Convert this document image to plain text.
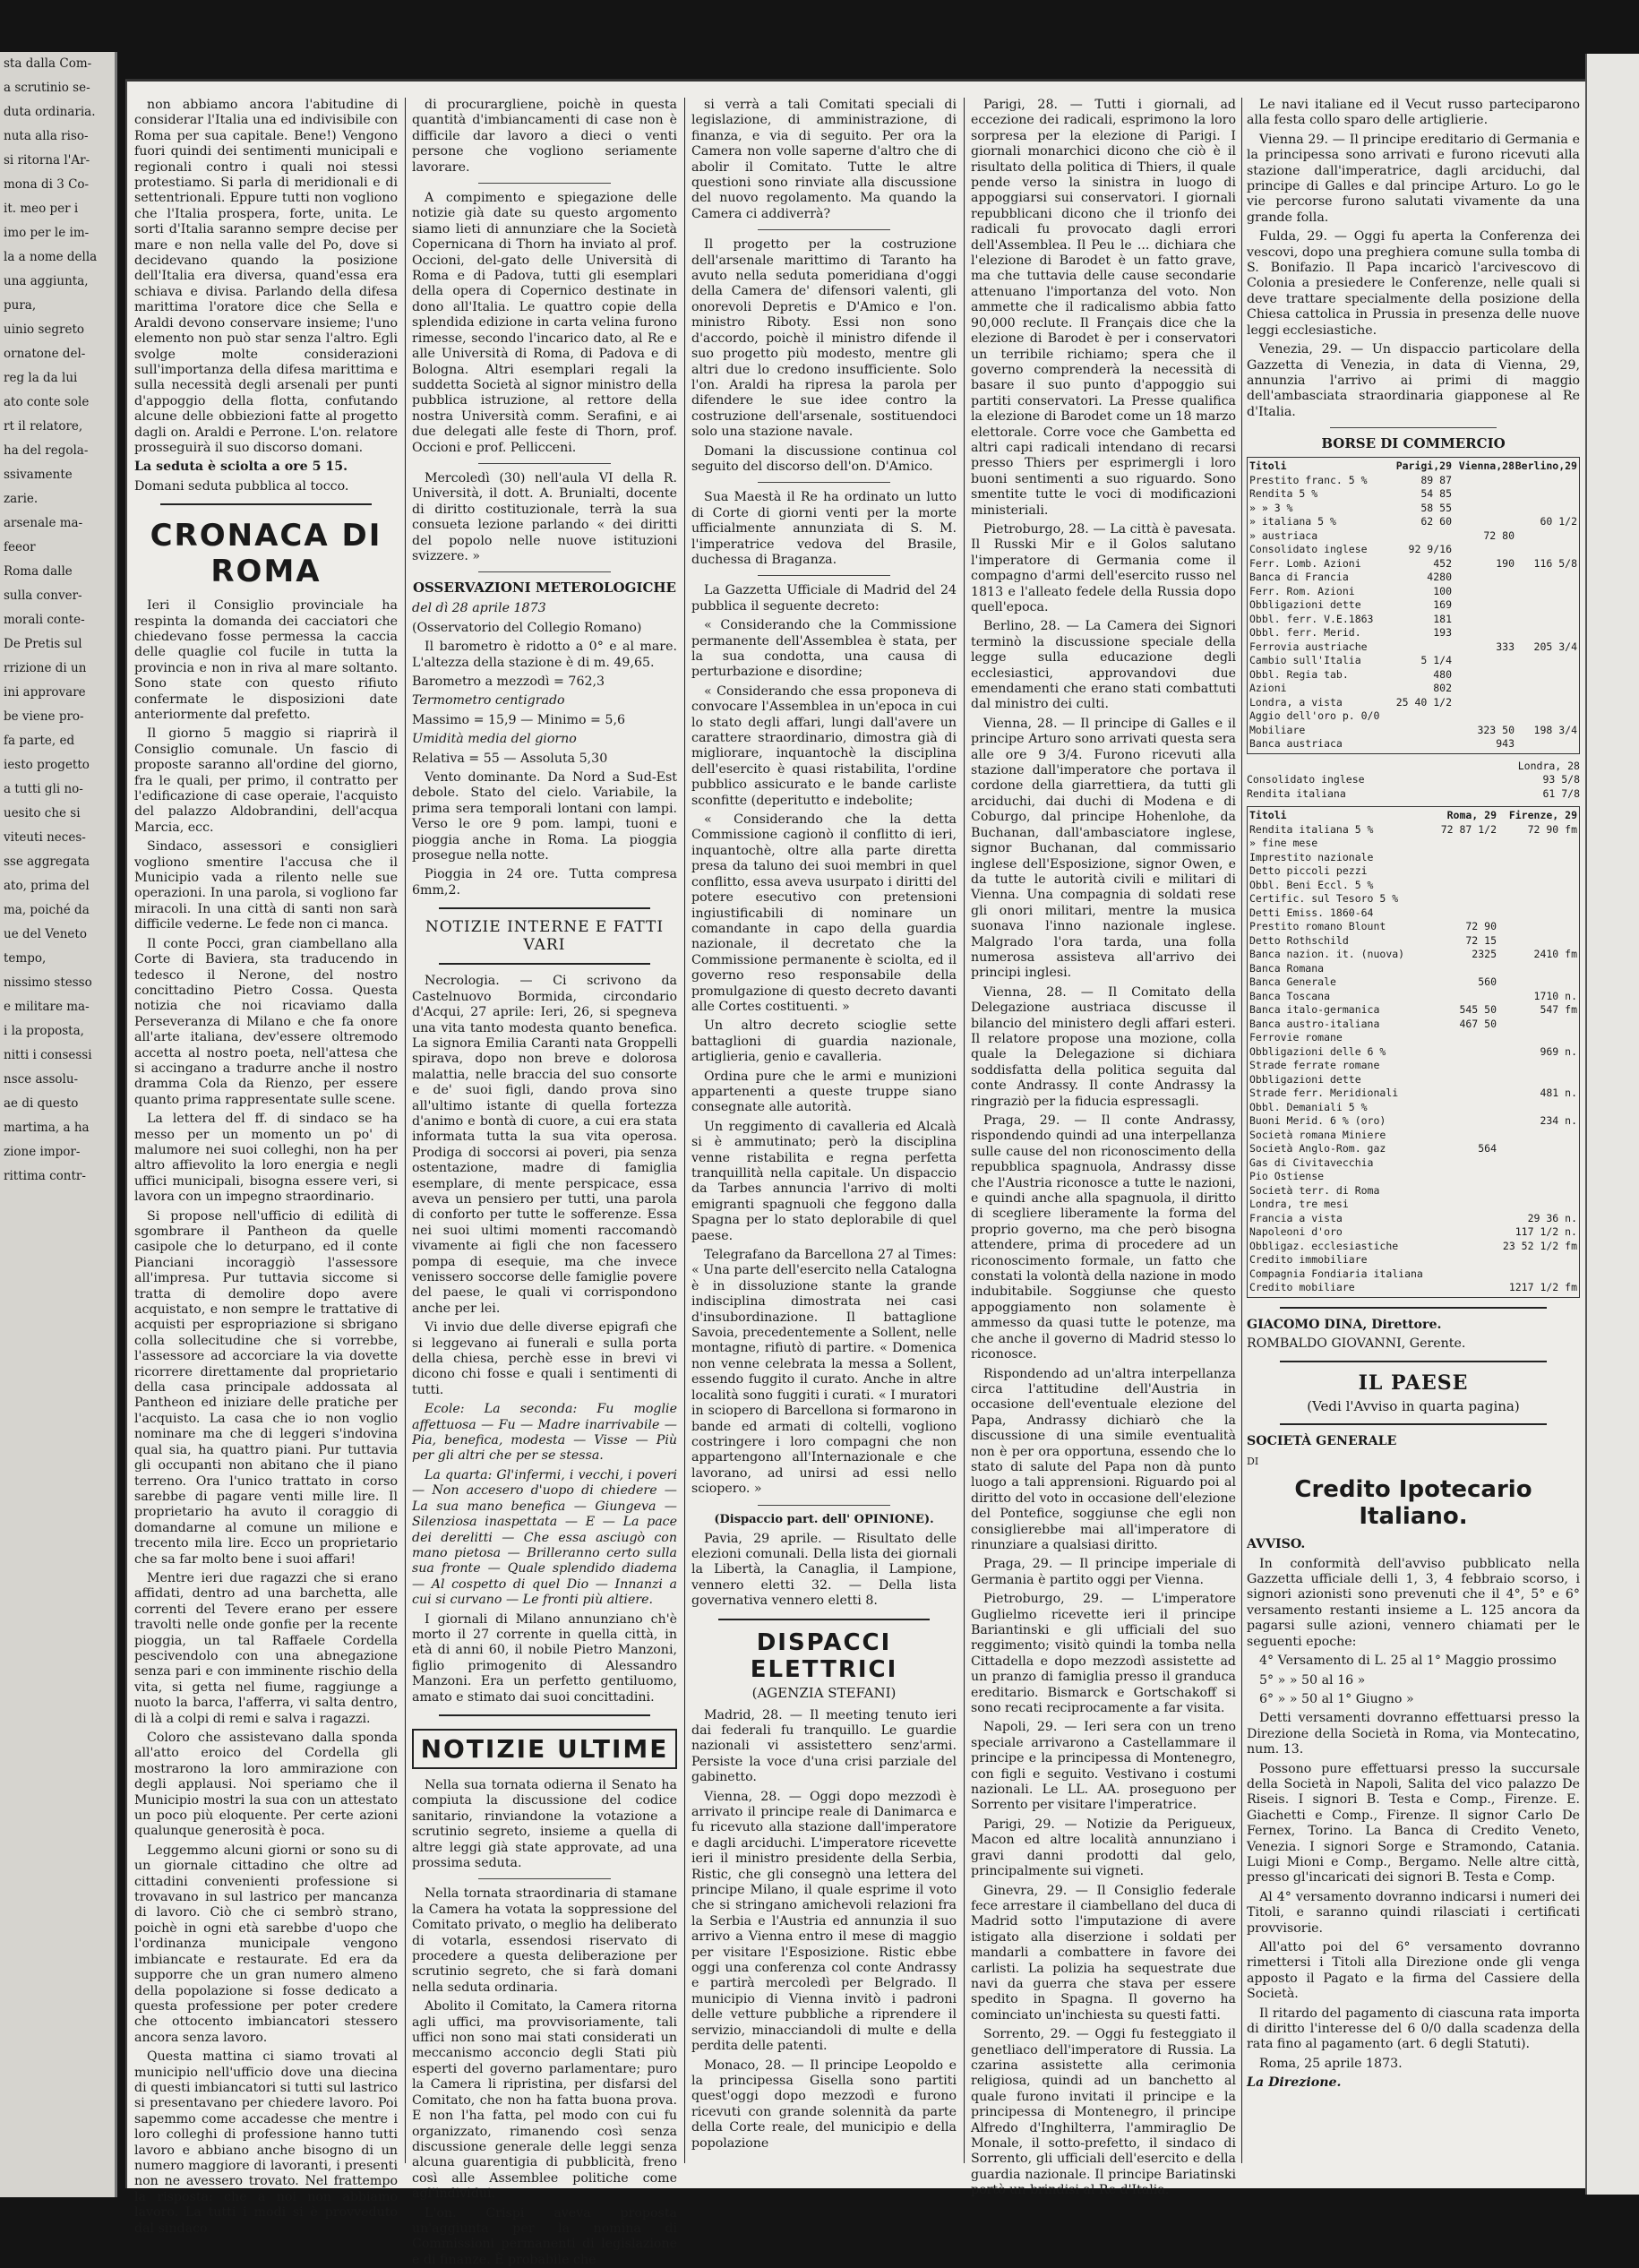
sta dalla Com-

a scrutinio se-

duta ordinaria.

nuta alla riso-

si ritorna l'Ar-

mona di 3 Co-

it. meo per i

imo per le im-

la a nome della

una aggiunta,

pura,

uinio segreto

ornatone del-

reg la da lui

ato conte sole

rt il relatore,

ha del regola-

ssivamente

zarie.

arsenale ma-

feeor

Roma dalle

sulla conver-

morali conte-

De Pretis sul

rrizione di un

ini approvare

be viene pro-

fa parte, ed

iesto progetto

a tutti gli no-

uesito che si

viteuti neces-

sse aggregata

ato, prima del

ma, poiché da

ue del Veneto

tempo,

nissimo stesso

e militare ma-

i la proposta,

nitti i consessi

nsce assolu-

ae di questo

martima, a ha

zione impor-

rittima contr-

non abbiamo ancora l'abitudine di considerar l'Italia una ed indivisibile con Roma per sua capitale. Bene!) Vengono fuori quindi dei sentimenti municipali e regionali contro i quali noi stessi protestiamo. Si parla di meridionali e di settentrionali. Eppure tutti non vogliono che l'Italia prospera, forte, unita. Le sorti d'Italia saranno sempre decise per mare e non nella valle del Po, dove si decidevano quando la posizione dell'Italia era diversa, quand'essa era schiava e divisa. Parlando della difesa marittima l'oratore dice che Sella e Araldi devono conservare insieme; l'uno elemento non può star senza l'altro. Egli svolge molte considerazioni sull'importanza della difesa marittima e sulla necessità degli arsenali per punti d'appoggio della flotta, confutando alcune delle obbiezioni fatte al progetto dagli on. Araldi e Perrone. L'on. relatore prosseguirà il suo discorso domani.

La seduta è sciolta a ore 5 15.

Domani seduta pubblica al tocco.

CRONACA DI ROMA

Ieri il Consiglio provinciale ha respinta la domanda dei cacciatori che chiedevano fosse permessa la caccia delle quaglie col fucile in tutta la provincia e non in riva al mare soltanto. Sono state con questo rifiuto confermate le disposizioni date anteriormente dal prefetto.

Il giorno 5 maggio si riaprirà il Consiglio comunale. Un fascio di proposte saranno all'ordine del giorno, fra le quali, per primo, il contratto per l'edificazione di case operaie, l'acquisto del palazzo Aldobrandini, dell'acqua Marcia, ecc.

Sindaco, assessori e consiglieri vogliono smentire l'accusa che il Municipio vada a rilento nelle sue operazioni. In una parola, si vogliono far miracoli. In una città di santi non sarà difficile vederne. Le fede non ci manca.

Il conte Pocci, gran ciambellano alla Corte di Baviera, sta traducendo in tedesco il Nerone, del nostro concittadino Pietro Cossa. Questa notizia che noi ricaviamo dalla Perseveranza di Milano e che fa onore all'arte italiana, dev'essere oltremodo accetta al nostro poeta, nell'attesa che si accingano a tradurre anche il nostro dramma Cola da Rienzo, per essere quanto prima rappresentate sulle scene.

La lettera del ff. di sindaco se ha messo per un momento un po' di malumore nei suoi colleghi, non ha per altro affievolito la loro energia e negli uffici municipali, bisogna essere veri, si lavora con un impegno straordinario.

Si propose nell'ufficio di edilità di sgombrare il Pantheon da quelle casipole che lo deturpano, ed il conte Pianciani incoraggiò l'assessore all'impresa. Pur tuttavia siccome si tratta di demolire dopo avere acquistato, e non sempre le trattative di acquisti per espropriazione si sbrigano colla sollecitudine che si vorrebbe, l'assessore ad accorciare la via dovette ricorrere direttamente dal proprietario della casa principale addossata al Pantheon ed iniziare delle pratiche per l'acquisto. La casa che io non voglio nominare ma che di leggeri s'indovina qual sia, ha quattro piani. Pur tuttavia gli occupanti non abitano che il piano terreno. Ora l'unico trattato in corso sarebbe di pagare venti mille lire. Il proprietario ha avuto il coraggio di domandarne al comune un milione e trecento mila lire. Ecco un proprietario che sa far molto bene i suoi affari!

Mentre ieri due ragazzi che si erano affidati, dentro ad una barchetta, alle correnti del Tevere erano per essere travolti nelle onde gonfie per la recente pioggia, un tal Raffaele Cordella pescivendolo con una abnegazione senza pari e con imminente rischio della vita, si getta nel fiume, raggiunge a nuoto la barca, l'afferra, vi salta dentro, di là a colpi di remi e salva i ragazzi.

Coloro che assistevano dalla sponda all'atto eroico del Cordella gli mostrarono la loro ammirazione con degli applausi. Noi speriamo che il Municipio mostri la sua con un attestato un poco più eloquente. Per certe azioni qualunque generosità è poca.

Leggemmo alcuni giorni or sono su di un giornale cittadino che oltre ad cittadini convenienti professione si trovavano in sul lastrico per mancanza di lavoro. Ciò che ci sembrò strano, poichè in ogni età sarebbe d'uopo che l'ordinanza municipale vengono imbiancate e restaurate. Ed era da supporre che un gran numero almeno della popolazione si fosse dedicato a questa professione per poter credere che ottocento imbiancatori stessero ancora senza lavoro.

Questa mattina ci siamo trovati al municipio nell'ufficio dove una diecina di questi imbiancatori si tutti sul lastrico si presentavano per chiedere lavoro. Poi sapemmo come accadesse che mentre i loro colleghi di professione hanno tutti lavoro e abbiano anche bisogno di un numero maggiore di lavoranti, i presenti non ne avessero trovato. Nel frattempo la risposta: che a noi non abbiamo lavoro. La tutti i modi si è provveduto dal sindaco

di procurargliene, poichè in questa quantità d'imbiancamenti di case non è difficile dar lavoro a dieci o venti persone che vogliono seriamente lavorare.

A compimento e spiegazione delle notizie già date su questo argomento siamo lieti di annunziare che la Società Copernicana di Thorn ha inviato al prof. Occioni, del-gato delle Università di Roma e di Padova, tutti gli esemplari della opera di Copernico destinate in dono all'Italia. Le quattro copie della splendida edizione in carta velina furono rimesse, secondo l'incarico dato, al Re e alle Università di Roma, di Padova e di Bologna. Altri esemplari regali la suddetta Società al signor ministro della pubblica istruzione, al rettore della nostra Università comm. Serafini, e ai due delegati alle feste di Thorn, prof. Occioni e prof. Pellicceni.

Mercoledì (30) nell'aula VI della R. Università, il dott. A. Brunialti, docente di diritto costituzionale, terrà la sua consueta lezione parlando « dei diritti del popolo nelle nuove istituzioni svizzere. »

OSSERVAZIONI METEROLOGICHE

del dì 28 aprile 1873

(Osservatorio del Collegio Romano)

Il barometro è ridotto a 0° e al mare. L'altezza della stazione è di m. 49,65.

Barometro a mezzodì = 762,3

Termometro centigrado

Massimo = 15,9 — Minimo = 5,6

Umidità media del giorno

Relativa = 55 — Assoluta 5,30

Vento dominante. Da Nord a Sud-Est debole. Stato del cielo. Variabile, la prima sera temporali lontani con lampi. Verso le ore 9 pom. lampi, tuoni e pioggia anche in Roma. La pioggia prosegue nella notte.

Pioggia in 24 ore. Tutta compresa 6mm,2.

NOTIZIE INTERNE E FATTI VARI

Necrologia. — Ci scrivono da Castelnuovo Bormida, circondario d'Acqui, 27 aprile: Ieri, 26, si spegneva una vita tanto modesta quanto benefica. La signora Emilia Caranti nata Groppelli spirava, dopo non breve e dolorosa malattia, nelle braccia del suo consorte e de' suoi figli, dando prova sino all'ultimo istante di quella fortezza d'animo e bontà di cuore, a cui era stata informata tutta la sua vita operosa. Prodiga di soccorsi ai poveri, pia senza ostentazione, madre di famiglia esemplare, di mente perspicace, essa aveva un pensiero per tutti, una parola di conforto per tutte le sofferenze. Essa nei suoi ultimi momenti raccomandò vivamente ai figli che non facessero pompa di esequie, ma che invece venissero soccorse delle famiglie povere del paese, le quali vi corrispondono anche per lei.

Vi invio due delle diverse epigrafi che si leggevano ai funerali e sulla porta della chiesa, perchè esse in brevi vi dicono chi fosse e quali i sentimenti di tutti.

Ecole: La seconda: Fu moglie affettuosa — Fu — Madre inarrivabile — Pia, benefica, modesta — Visse — Più per gli altri che per se stessa.

La quarta: Gl'infermi, i vecchi, i poveri — Non accesero d'uopo di chiedere — La sua mano benefica — Giungeva — Silenziosa inaspettata — E — La pace dei derelitti — Che essa asciugò con mano pietosa — Brilleranno certo sulla sua fronte — Quale splendido diadema — Al cospetto di quel Dio — Innanzi a cui si curvano — Le fronti più altiere.

I giornali di Milano annunziano ch'è morto il 27 corrente in quella città, in età di anni 60, il nobile Pietro Manzoni, figlio primogenito di Alessandro Manzoni. Era un perfetto gentiluomo, amato e stimato dai suoi concittadini.

NOTIZIE ULTIME

Nella sua tornata odierna il Senato ha compiuta la discussione del codice sanitario, rinviandone la votazione a scrutinio segreto, insieme a quella di altre leggi già state approvate, ad una prossima seduta.

Nella tornata straordinaria di stamane la Camera ha votata la soppressione del Comitato privato, o meglio ha deliberato di votarla, essendosi riservato di procedere a questa deliberazione per scrutinio segreto, che si farà domani nella seduta ordinaria.

Abolito il Comitato, la Camera ritorna agli uffici, ma provvisoriamente, tali uffici non sono mai stati considerati un meccanismo acconcio degli Stati più esperti del governo parlamentare; puro la Camera li ripristina, per disfarsi del Comitato, che non ha fatta buona prova. E non l'ha fatta, pel modo con cui fu organizzato, rimanendo così senza discussione generale delle leggi senza alcuna guarentigia di pubblicità, freno così alle Assemblee politiche come agl'individui.

L'on. Crispi aveva proposta un'aggiunta per la nomina di Commissioni permanenti di legislazione e di finanze. È probabile che

si verrà a tali Comitati speciali di legislazione, di amministrazione, di finanza, e via di seguito. Per ora la Camera non volle saperne d'altro che di abolir il Comitato. Tutte le altre questioni sono rinviate alla discussione del nuovo regolamento. Ma quando la Camera ci addiverrà?

Il progetto per la costruzione dell'arsenale marittimo di Taranto ha avuto nella seduta pomeridiana d'oggi della Camera de' difensori valenti, gli onorevoli Depretis e D'Amico e l'on. ministro Riboty. Essi non sono d'accordo, poichè il ministro difende il suo progetto più modesto, mentre gli altri due lo credono insufficiente. Solo l'on. Araldi ha ripresa la parola per difendere le sue idee contro la costruzione dell'arsenale, sostituendoci solo una stazione navale.

Domani la discussione continua col seguito del discorso dell'on. D'Amico.

Sua Maestà il Re ha ordinato un lutto di Corte di giorni venti per la morte ufficialmente annunziata di S. M. l'imperatrice vedova del Brasile, duchessa di Braganza.

La Gazzetta Ufficiale di Madrid del 24 pubblica il seguente decreto:

« Considerando che la Commissione permanente dell'Assemblea è stata, per la sua condotta, una causa di perturbazione e disordine;

« Considerando che essa proponeva di convocare l'Assemblea in un'epoca in cui lo stato degli affari, lungi dall'avere un carattere straordinario, dimostra già di migliorare, inquantochè la disciplina dell'esercito è quasi ristabilita, l'ordine pubblico assicurato e le bande carliste sconfitte (deperitutto e indebolite;

« Considerando che la detta Commissione cagionò il conflitto di ieri, inquantochè, oltre alla parte diretta presa da taluno dei suoi membri in quel conflitto, essa aveva usurpato i diritti del potere esecutivo con pretensioni ingiustificabili di nominare un comandante in capo della guardia nazionale, il decretato che la Commissione permanente è sciolta, ed il governo reso responsabile della promulgazione di questo decreto davanti alle Cortes costituenti. »

Un altro decreto scioglie sette battaglioni di guardia nazionale, artiglieria, genio e cavalleria.

Ordina pure che le armi e munizioni appartenenti a queste truppe siano consegnate alle autorità.

Un reggimento di cavalleria ed Alcalà si è ammutinato; però la disciplina venne ristabilita e regna perfetta tranquillità nella capitale. Un dispaccio da Tarbes annuncia l'arrivo di molti emigranti spagnuoli che feggono dalla Spagna per lo stato deplorabile di quel paese.

Telegrafano da Barcellona 27 al Times: « Una parte dell'esercito nella Catalogna è in dissoluzione stante la grande indisciplina dimostrata nei casi d'insubordinazione. Il battaglione Savoia, precedentemente a Sollent, nelle montagne, rifiutò di partire. « Domenica non venne celebrata la messa a Sollent, essendo fuggito il curato. Anche in altre località sono fuggiti i curati. « I muratori in sciopero di Barcellona si formarono in bande ed armati di coltelli, vogliono costringere i loro compagni che non appartengono all'Internazionale e che lavorano, ad unirsi ad essi nello sciopero. »

(Dispaccio part. dell' OPINIONE).

Pavia, 29 aprile. — Risultato delle elezioni comunali. Della lista dei giornali la Libertà, la Canaglia, il Lampione, vennero eletti 32. — Della lista governativa vennero eletti 8.

DISPACCI ELETTRICI
(AGENZIA STEFANI)

Madrid, 28. — Il meeting tenuto ieri dai federali fu tranquillo. Le guardie nazionali vi assistettero senz'armi. Persiste la voce d'una crisi parziale del gabinetto.

Vienna, 28. — Oggi dopo mezzodì è arrivato il principe reale di Danimarca e fu ricevuto alla stazione dall'imperatore e dagli arciduchi. L'imperatore ricevette ieri il ministro presidente della Serbia, Ristic, che gli consegnò una lettera del principe Milano, il quale esprime il voto che si stringano amichevoli relazioni fra la Serbia e l'Austria ed annunzia il suo arrivo a Vienna entro il mese di maggio per visitare l'Esposizione. Ristic ebbe oggi una conferenza col conte Andrassy e partirà mercoledì per Belgrado. Il municipio di Vienna invitò i padroni delle vetture pubbliche a riprendere il servizio, minacciandoli di multe e della perdita delle patenti.

Monaco, 28. — Il principe Leopoldo e la principessa Gisella sono partiti quest'oggi dopo mezzodì e furono ricevuti con grande solennità da parte della Corte reale, del municipio e della popolazione

Parigi, 28. — Tutti i giornali, ad eccezione dei radicali, esprimono la loro sorpresa per la elezione di Parigi. I giornali monarchici dicono che ciò è il risultato della politica di Thiers, il quale pende verso la sinistra in luogo di appoggiarsi sui conservatori. I giornali repubblicani dicono che il trionfo dei radicali fu provocato dagli errori dell'Assemblea. Il Peu le ... dichiara che l'elezione di Barodet è un fatto grave, ma che tuttavia delle cause secondarie attenuano l'importanza del voto. Non ammette che il radicalismo abbia fatto 90,000 reclute. Il Français dice che la elezione di Barodet è per i conservatori un terribile richiamo; spera che il governo comprenderà la necessità di basare il suo punto d'appoggio sui partiti conservatori. La Presse qualifica la elezione di Barodet come un 18 marzo elettorale. Corre voce che Gambetta ed altri capi radicali intendano di recarsi presso Thiers per esprimergli i loro buoni sentimenti a suo riguardo. Sono smentite tutte le voci di modificazioni ministeriali.

Pietroburgo, 28. — La città è pavesata. Il Russki Mir e il Golos salutano l'imperatore di Germania come il compagno d'armi dell'esercito russo nel 1813 e l'alleato fedele della Russia dopo quell'epoca.

Berlino, 28. — La Camera dei Signori terminò la discussione speciale della legge sulla educazione degli ecclesiastici, approvandovi due emendamenti che erano stati combattuti dal ministro dei culti.

Vienna, 28. — Il principe di Galles e il principe Arturo sono arrivati questa sera alle ore 9 3/4. Furono ricevuti alla stazione dall'imperatore che portava il cordone della giarrettiera, da tutti gli arciduchi, dai duchi di Modena e di Coburgo, dal principe Hohenlohe, da Buchanan, dall'ambasciatore inglese, signor Buchanan, dal commissario inglese dell'Esposizione, signor Owen, e da tutte le autorità civili e militari di Vienna. Una compagnia di soldati rese gli onori militari, mentre la musica suonava l'inno nazionale inglese. Malgrado l'ora tarda, una folla numerosa assisteva all'arrivo dei principi inglesi.

Vienna, 28. — Il Comitato della Delegazione austriaca discusse il bilancio del ministero degli affari esteri. Il relatore propose una mozione, colla quale la Delegazione si dichiara soddisfatta della politica seguita dal conte Andrassy. Il conte Andrassy la ringraziò per la fiducia espressagli.

Praga, 29. — Il conte Andrassy, rispondendo quindi ad una interpellanza sulle cause del non riconoscimento della repubblica spagnuola, Andrassy disse che l'Austria riconosce a tutte le nazioni, e quindi anche alla spagnuola, il diritto di scegliere liberamente la forma del proprio governo, ma che però bisogna attendere, prima di procedere ad un riconoscimento formale, un fatto che constati la volontà della nazione in modo indubitabile. Soggiunse che questo appoggiamento non solamente è ammesso da quasi tutte le potenze, ma che anche il governo di Madrid stesso lo riconosce.

Rispondendo ad un'altra interpellanza circa l'attitudine dell'Austria in occasione dell'eventuale elezione del Papa, Andrassy dichiarò che la discussione di una simile eventualità non è per ora opportuna, essendo che lo stato di salute del Papa non dà punto luogo a tali apprensioni. Riguardo poi al diritto del voto in occasione dell'elezione del Pontefice, soggiunse che egli non consiglierebbe mai all'imperatore di rinunziare a qualsiasi diritto.

Praga, 29. — Il principe imperiale di Germania è partito oggi per Vienna.

Pietroburgo, 29. — L'imperatore Guglielmo ricevette ieri il principe Bariantinski e gli ufficiali del suo reggimento; visitò quindi la tomba nella Cittadella e dopo mezzodì assistette ad un pranzo di famiglia presso il granduca ereditario. Bismarck e Gortschakoff si sono recati reciprocamente a far visita.

Napoli, 29. — Ieri sera con un treno speciale arrivarono a Castellammare il principe e la principessa di Montenegro, con figli e seguito. Vestivano i costumi nazionali. Le LL. AA. proseguono per Sorrento per visitare l'imperatrice.

Parigi, 29. — Notizie da Perigueux, Macon ed altre località annunziano i gravi danni prodotti dal gelo, principalmente sui vigneti.

Ginevra, 29. — Il Consiglio federale fece arrestare il ciambellano del duca di Madrid sotto l'imputazione di avere istigato alla diserzione i soldati per mandarli a combattere in favore dei carlisti. La polizia ha sequestrate due navi da guerra che stava per essere spedito in Spagna. Il governo ha cominciato un'inchiesta su questi fatti.

Sorrento, 29. — Oggi fu festeggiato il genetliaco dell'imperatore di Russia. La czarina assistette alla cerimonia religiosa, quindi ad un banchetto al quale furono invitati il principe e la principessa di Montenegro, il principe Alfredo d'Inghilterra, l'ammiraglio De Monale, il sotto-prefetto, il sindaco di Sorrento, gli ufficiali dell'esercito e della guardia nazionale. Il principe Bariatinski portò un brindisi al Re d'Italia.

Le navi italiane ed il Vecut russo parteciparono alla festa collo sparo delle artiglierie.

Vienna 29. — Il principe ereditario di Germania e la principessa sono arrivati e furono ricevuti alla stazione dall'imperatrice, dagli arciduchi, dal principe di Galles e dal principe Arturo. Lo go le vie percorse furono salutati vivamente da una grande folla.

Fulda, 29. — Oggi fu aperta la Conferenza dei vescovi, dopo una preghiera comune sulla tomba di S. Bonifazio. Il Papa incaricò l'arcivescovo di Colonia a presiedere le Conferenze, nelle quali si deve trattare specialmente della posizione della Chiesa cattolica in Prussia in presenza delle nuove leggi ecclesiastiche.

Venezia, 29. — Un dispaccio particolare della Gazzetta di Venezia, in data di Vienna, 29, annunzia l'arrivo ai primi di maggio dell'ambasciata straordinaria giapponese al Re d'Italia.

BORSE DI COMMERCIO
Titoli	Parigi,29 Vienna,28 Berlino,29
Prestito franc. 5 %	89 87
Rendita 5 %	54 85
» » 3 %	58 55
» italiana 5 %	62 60	60 1/2
» austriaca	72 80
Consolidato inglese	92 9/16
Ferr. Lomb. Azioni	452	190	116 5/8
Banca di Francia	4280
Ferr. Rom. Azioni	100
Obbligazioni dette	169
Obbl. ferr. V.E.1863	181
Obbl. ferr. Merid.	193
Ferrovia austriache	333	205 3/4
Cambio sull'Italia	5 1/4
Obbl. Regia tab.	480
Azioni	802
Londra, a vista	25 40 1/2
Aggio dell'oro p. 0/0
Mobiliare	323 50	198 3/4
Banca austriaca	943
Londra, 28
Consolidato inglese	93 5/8
Rendita italiana	61 7/8
Titoli	Roma, 29	Firenze, 29
Rendita italiana 5 %	72 87 1/2	72 90 fm
» fine mese
Imprestito nazionale
Detto piccoli pezzi
Obbl. Beni Eccl. 5 %
Certific. sul Tesoro 5 %
Detti Emiss. 1860-64
Prestito romano Blount	72 90
Detto Rothschild	72 15
Banca nazion. it. (nuova)	2325	2410 fm
Banca Romana
Banca Generale	560
Banca Toscana	1710 n.
Banca italo-germanica	545 50	547 fm
Banca austro-italiana	467 50
Ferrovie romane
Obbligazioni delle 6 %	969 n.
Strade ferrate romane
Obbligazioni dette
Strade ferr. Meridionali	481 n.
Obbl. Demaniali 5 %
Buoni Merid. 6 % (oro)	234 n.
Società romana Miniere
Società Anglo-Rom. gaz	564
Gas di Civitavecchia
Pio Ostiense
Società terr. di Roma
Londra, tre mesi
Francia a vista	29 36 n.
Napoleoni d'oro	117 1/2 n.
Obbligaz. ecclesiastiche	23 52 1/2 fm
Credito immobiliare
Compagnia Fondiaria italiana
Credito mobiliare	1217 1/2 fm

GIACOMO DINA, Direttore.

ROMBALDO GIOVANNI, Gerente.

IL PAESE
(Vedi l'Avviso in quarta pagina)

SOCIETÀ GENERALE

DI

Credito Ipotecario Italiano.

AVVISO.

In conformità dell'avviso pubblicato nella Gazzetta ufficiale delli 1, 3, 4 febbraio scorso, i signori azionisti sono prevenuti che il 4°, 5° e 6° versamento restanti insieme a L. 125 ancora da pagarsi sulle azioni, vennero chiamati per le seguenti epoche:

4° Versamento di L. 25 al 1° Maggio prossimo

5° » » 50 al 16 »

6° » » 50 al 1° Giugno »

Detti versamenti dovranno effettuarsi presso la Direzione della Società in Roma, via Montecatino, num. 13.

Possono pure effettuarsi presso la succursale della Società in Napoli, Salita del vico palazzo De Riseis. I signori B. Testa e Comp., Firenze. E. Giachetti e Comp., Firenze. Il signor Carlo De Fernex, Torino. La Banca di Credito Veneto, Venezia. I signori Sorge e Stramondo, Catania. Luigi Mioni e Comp., Bergamo. Nelle altre città, presso gl'incaricati dei signori B. Testa e Comp.

Al 4° versamento dovranno indicarsi i numeri dei Titoli, e saranno quindi rilasciati i certificati provvisorie.

All'atto poi del 6° versamento dovranno rimettersi i Titoli alla Direzione onde gli venga apposto il Pagato e la firma del Cassiere della Società.

Il ritardo del pagamento di ciascuna rata importa di diritto l'interesse del 6 0/0 dalla scadenza della rata fino al pagamento (art. 6 degli Statuti).

Roma, 25 aprile 1873.

La Direzione.
